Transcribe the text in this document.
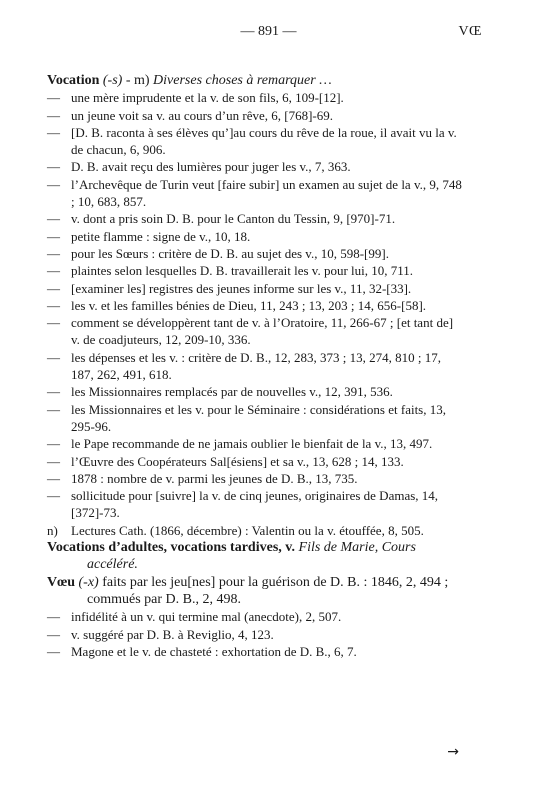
— 891 —	VŒ

Vocation (-s) - m) Diverses choses à remarquer …

— une mère imprudente et la v. de son fils, 6, 109-[12].

— un jeune voit sa v. au cours d’un rêve, 6, [768]-69.

— [D. B. raconta à ses élèves qu’]au cours du rêve de la roue, il avait vu la v. de chacun, 6, 906.

— D. B. avait reçu des lumières pour juger les v., 7, 363.

— l’Archevêque de Turin veut [faire subir] un examen au sujet de la v., 9, 748 ; 10, 683, 857.

— v. dont a pris soin D. B. pour le Canton du Tessin, 9, [970]-71.

— petite flamme : signe de v., 10, 18.

— pour les Sœurs : critère de D. B. au sujet des v., 10, 598-[99].

— plaintes selon lesquelles D. B. travaillerait les v. pour lui, 10, 711.

— [examiner les] registres des jeunes informe sur les v., 11, 32-[33].

— les v. et les familles bénies de Dieu, 11, 243 ; 13, 203 ; 14, 656-[58].

— comment se développèrent tant de v. à l’Oratoire, 11, 266-67 ; [et tant de] v. de coadjuteurs, 12, 209-10, 336.

— les dépenses et les v. : critère de D. B., 12, 283, 373 ; 13, 274, 810 ; 17, 187, 262, 491, 618.

— les Missionnaires remplacés par de nouvelles v., 12, 391, 536.

— les Missionnaires et les v. pour le Séminaire : considérations et faits, 13, 295-96.

— le Pape recommande de ne jamais oublier le bienfait de la v., 13, 497.

— l’Œuvre des Coopérateurs Sal[ésiens] et sa v., 13, 628 ; 14, 133.

— 1878 : nombre de v. parmi les jeunes de D. B., 13, 735.

— sollicitude pour [suivre] la v. de cinq jeunes, originaires de Damas, 14, [372]-73.

n) Lectures Cath. (1866, décembre) : Valentin ou la v. étouffée, 8, 505.

Vocations d’adultes, vocations tardives, v. Fils de Marie, Cours accéléré.

Vœu (-x) faits par les jeu[nes] pour la guérison de D. B. : 1846, 2, 494 ; commués par D. B., 2, 498.

— infidélité à un v. qui termine mal (anecdote), 2, 507.

— v. suggéré par D. B. à Reviglio, 4, 123.

— Magone et le v. de chasteté : exhortation de D. B., 6, 7.

→
